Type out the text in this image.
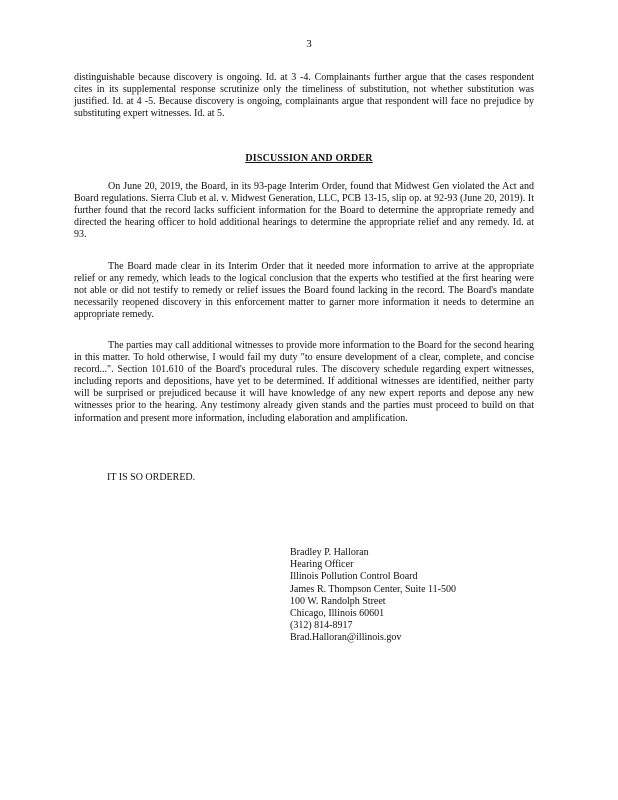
3

distinguishable because discovery is ongoing. Id. at 3 -4. Complainants further argue that the cases respondent cites in its supplemental response scrutinize only the timeliness of substitution, not whether substitution was justified. Id. at 4 -5. Because discovery is ongoing, complainants argue that respondent will face no prejudice by substituting expert witnesses. Id. at 5.

DISCUSSION AND ORDER

On June 20, 2019, the Board, in its 93-page Interim Order, found that Midwest Gen violated the Act and Board regulations. Sierra Club et al. v. Midwest Generation, LLC, PCB 13-15, slip op. at 92-93 (June 20, 2019). It further found that the record lacks sufficient information for the Board to determine the appropriate remedy and directed the hearing officer to hold additional hearings to determine the appropriate relief and any remedy. Id. at 93.

The Board made clear in its Interim Order that it needed more information to arrive at the appropriate relief or any remedy, which leads to the logical conclusion that the experts who testified at the first hearing were not able or did not testify to remedy or relief issues the Board found lacking in the record. The Board's mandate necessarily reopened discovery in this enforcement matter to garner more information it needs to determine an appropriate remedy.

The parties may call additional witnesses to provide more information to the Board for the second hearing in this matter. To hold otherwise, I would fail my duty "to ensure development of a clear, complete, and concise record...". Section 101.610 of the Board's procedural rules. The discovery schedule regarding expert witnesses, including reports and depositions, have yet to be determined. If additional witnesses are identified, neither party will be surprised or prejudiced because it will have knowledge of any new expert reports and depose any new witnesses prior to the hearing. Any testimony already given stands and the parties must proceed to build on that information and present more information, including elaboration and amplification.

IT IS SO ORDERED.
Bradley P. Halloran
Hearing Officer
Illinois Pollution Control Board
James R. Thompson Center, Suite 11-500
100 W. Randolph Street
Chicago, Illinois 60601
(312) 814-8917
Brad.Halloran@illinois.gov
